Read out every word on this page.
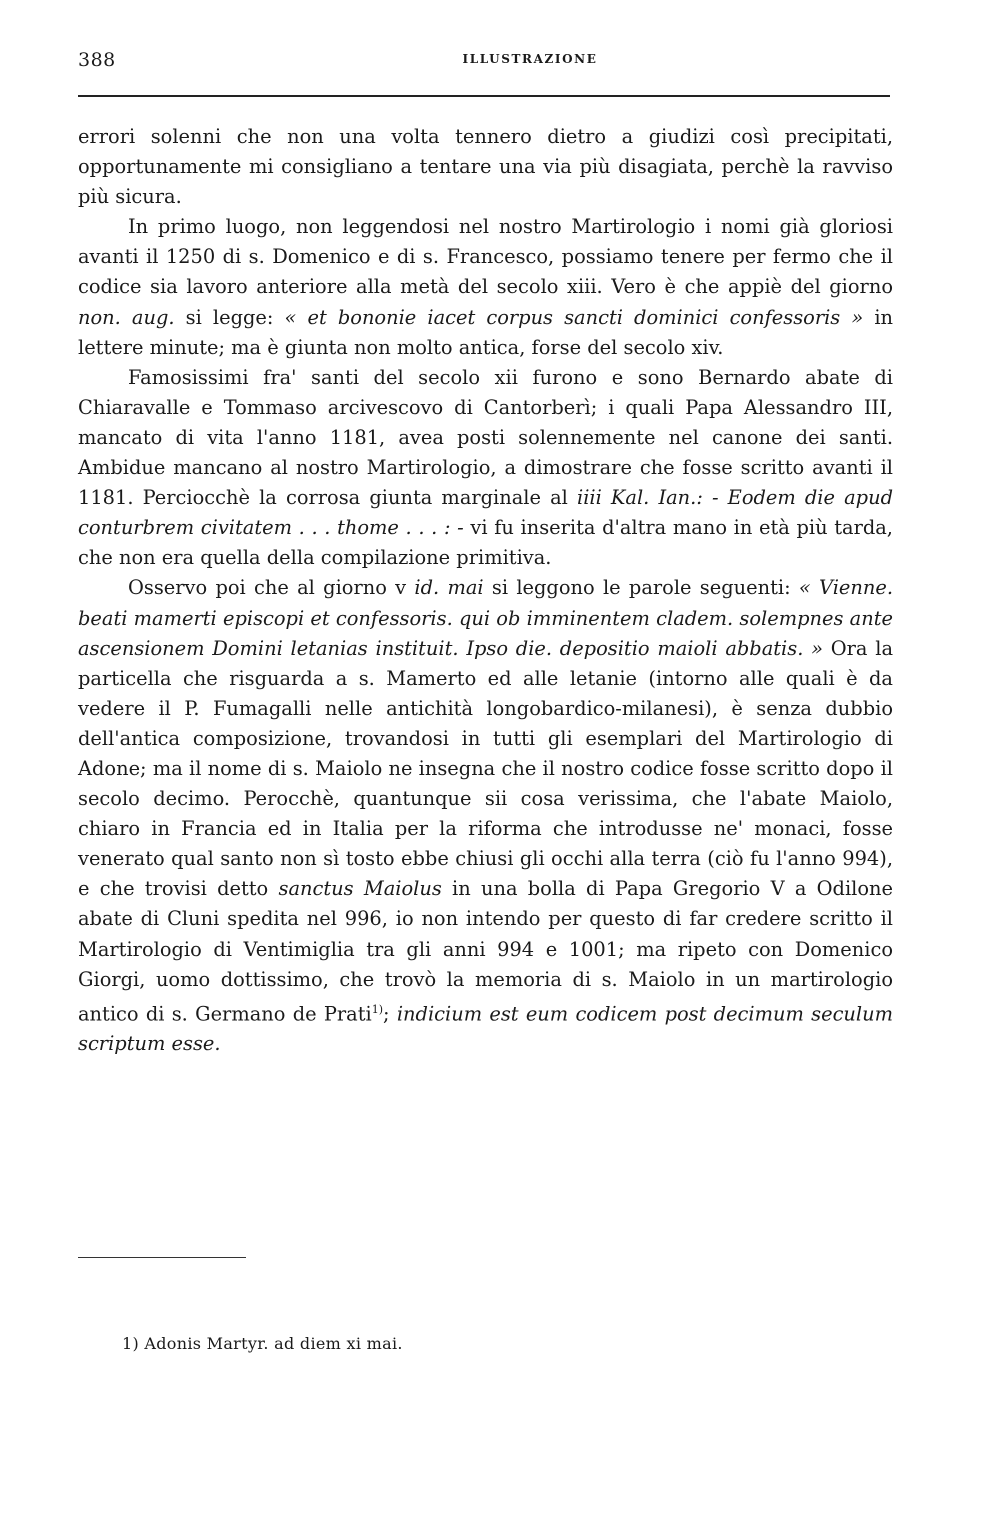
388	ILLUSTRAZIONE

errori solenni che non una volta tennero dietro a giudizi così precipitati, opportunamente mi consigliano a tentare una via più disagiata, perchè la ravviso più sicura.

In primo luogo, non leggendosi nel nostro Martirologio i nomi già gloriosi avanti il 1250 di s. Domenico e di s. Francesco, possiamo tenere per fermo che il codice sia lavoro anteriore alla metà del secolo xiii. Vero è che appiè del giorno non. aug. si legge: « et bononie iacet corpus sancti dominici confessoris » in lettere minute; ma è giunta non molto antica, forse del secolo xiv.

Famosissimi fra' santi del secolo xii furono e sono Bernardo abate di Chiaravalle e Tommaso arcivescovo di Cantorberì; i quali Papa Alessandro III, mancato di vita l'anno 1181, avea posti solennemente nel canone dei santi. Ambidue mancano al nostro Martirologio, a dimostrare che fosse scritto avanti il 1181. Perciocchè la corrosa giunta marginale al iiii Kal. Ian.: - Eodem die apud conturbrem civitatem . . . thome . . . : - vi fu inserita d'altra mano in età più tarda, che non era quella della compilazione primitiva.

Osservo poi che al giorno v id. mai si leggono le parole seguenti: « Vienne. beati mamerti episcopi et confessoris. qui ob imminentem cladem. solempnes ante ascensionem Domini letanias instituit. Ipso die. depositio maioli abbatis. » Ora la particella che risguarda a s. Mamerto ed alle letanie (intorno alle quali è da vedere il P. Fumagalli nelle antichità longobardico-milanesi), è senza dubbio dell'antica composizione, trovandosi in tutti gli esemplari del Martirologio di Adone; ma il nome di s. Maiolo ne insegna che il nostro codice fosse scritto dopo il secolo decimo. Perocchè, quantunque sii cosa verissima, che l'abate Maiolo, chiaro in Francia ed in Italia per la riforma che introdusse ne' monaci, fosse venerato qual santo non sì tosto ebbe chiusi gli occhi alla terra (ciò fu l'anno 994), e che trovisi detto sanctus Maiolus in una bolla di Papa Gregorio V a Odilone abate di Cluni spedita nel 996, io non intendo per questo di far credere scritto il Martirologio di Ventimiglia tra gli anni 994 e 1001; ma ripeto con Domenico Giorgi, uomo dottissimo, che trovò la memoria di s. Maiolo in un martirologio antico di s. Germano de Prati$^{1)}$; indicium est eum codicem post decimum seculum scriptum esse.

1) Adonis Martyr. ad diem xi mai.
